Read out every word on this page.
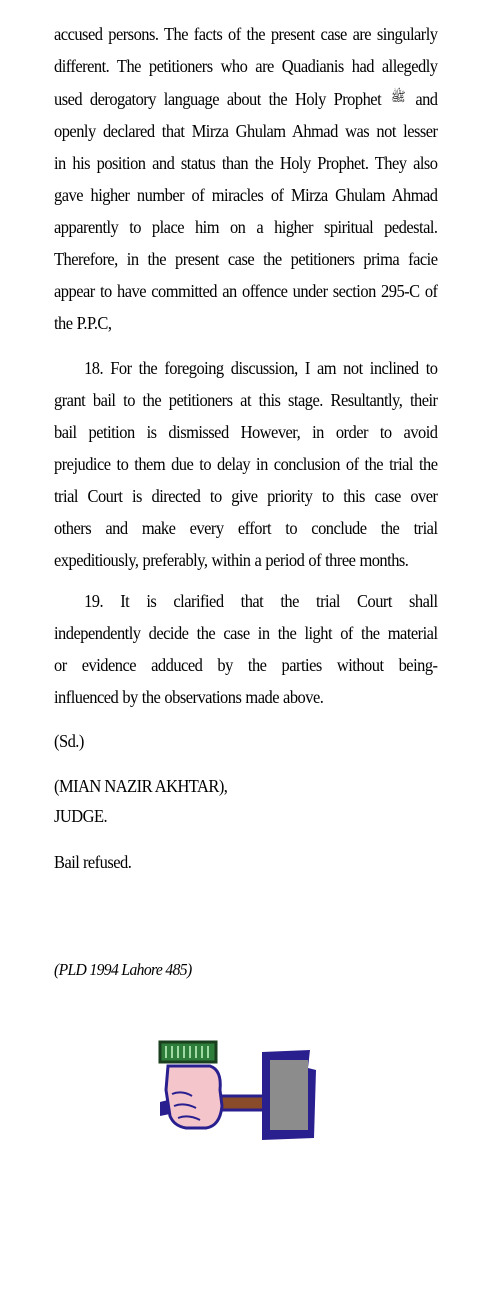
accused persons. The facts of the present case are singularly
different. The petitioners who are Quadianis had allegedly
used derogatory language about the Holy Prophet ﷺ and
openly declared that Mirza Ghulam Ahmad was not lesser
in his position and status than the Holy Prophet. They also
gave higher number of miracles of Mirza Ghulam Ahmad
apparently to place him on a higher spiritual pedestal.
Therefore, in the present case the petitioners prima facie
appear to have committed an offence under section 295-C of
the P.P.C,
18. For the foregoing discussion, I am not inclined to
grant bail to the petitioners at this stage. Resultantly, their
bail petition is dismissed However, in order to avoid
prejudice to them due to delay in conclusion of the trial the
trial Court is directed to give priority to this case over
others and make every effort to conclude the trial
expeditiously, preferably, within a period of three months.
19. It is clarified that the trial Court shall
independently decide the case in the light of the material
or evidence adduced by the parties without being-
influenced by the observations made above.

(Sd.)

(MIAN NAZIR AKHTAR),

JUDGE.

Bail refused.

(PLD 1994 Lahore 485)
